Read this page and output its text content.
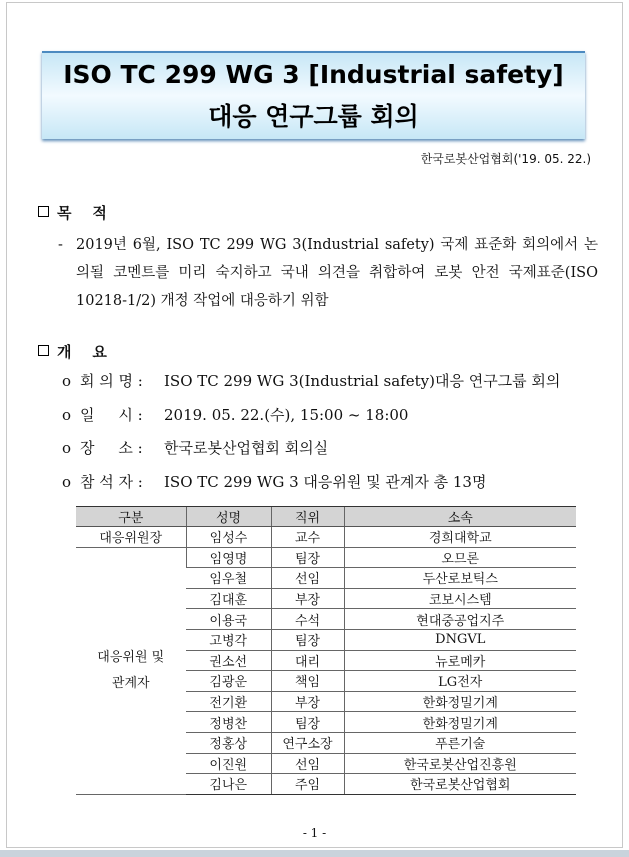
ISO TC 299 WG 3 [Industrial safety]
대응 연구그룹 회의
한국로봇산업협회('19. 05. 22.)
목    적
- 2019년 6월, ISO TC 299 WG 3(Industrial safety) 국제 표준화 회의에서 논의될 코멘트를 미리 숙지하고 국내 의견을 취합하여 로봇 안전 국제표준(ISO 10218-1/2) 개정 작업에 대응하기 위함
개    요
o 회 의 명 : ISO TC 299 WG 3(Industrial safety)대응 연구그룹 회의
o 일     시 : 2019. 05. 22.(수), 15:00 ~ 18:00
o 장     소 : 한국로봇산업협회 회의실
o 참 석 자 : ISO TC 299 WG 3 대응위원 및 관계자 총 13명
구분	성명	직위	소속
대응위원장	임성수	교수	경희대학교
대응위원 및
관계자	임영명	팀장	오므론
	임우철	선임	두산로보틱스
	김대훈	부장	코보시스템
	이용국	수석	현대중공업지주
	고병각	팀장	DNGVL
	권소선	대리	뉴로메카
	김광운	책임	LG전자
	전기환	부장	한화정밀기계
	정병찬	팀장	한화정밀기계
	정홍상	연구소장	푸른기술
	이진원	선임	한국로봇산업진흥원
	김나은	주임	한국로봇산업협회
- 1 -
